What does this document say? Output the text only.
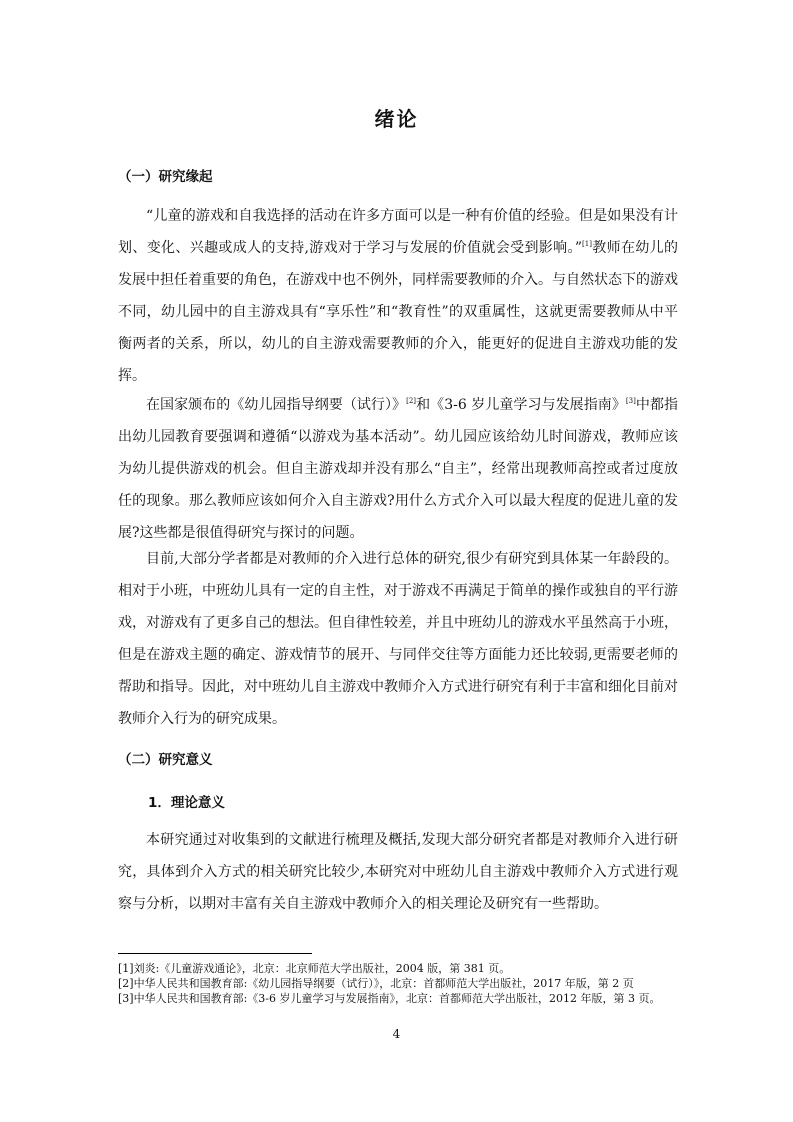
绪论
（一）研究缘起

“儿童的游戏和自我选择的活动在许多方面可以是一种有价值的经验。但是如果没有计划、变化、兴趣或成人的支持,游戏对于学习与发展的价值就会受到影响。”[1]教师在幼儿的发展中担任着重要的角色，在游戏中也不例外，同样需要教师的介入。与自然状态下的游戏不同，幼儿园中的自主游戏具有“享乐性”和“教育性”的双重属性，这就更需要教师从中平衡两者的关系，所以，幼儿的自主游戏需要教师的介入，能更好的促进自主游戏功能的发挥。

在国家颁布的《幼儿园指导纲要（试行）》[2]和《3-6 岁儿童学习与发展指南》[3]中都指出幼儿园教育要强调和遵循“以游戏为基本活动”。幼儿园应该给幼儿时间游戏，教师应该为幼儿提供游戏的机会。但自主游戏却并没有那么“自主”，经常出现教师高控或者过度放任的现象。那么教师应该如何介入自主游戏?用什么方式介入可以最大程度的促进儿童的发展?这些都是很值得研究与探讨的问题。

目前,大部分学者都是对教师的介入进行总体的研究,很少有研究到具体某一年龄段的。相对于小班，中班幼儿具有一定的自主性，对于游戏不再满足于简单的操作或独自的平行游戏，对游戏有了更多自己的想法。但自律性较差，并且中班幼儿的游戏水平虽然高于小班，但是在游戏主题的确定、游戏情节的展开、与同伴交往等方面能力还比较弱,更需要老师的帮助和指导。因此，对中班幼儿自主游戏中教师介入方式进行研究有利于丰富和细化目前对教师介入行为的研究成果。

（二）研究意义
1．理论意义

本研究通过对收集到的文献进行梳理及概括,发现大部分研究者都是对教师介入进行研究，具体到介入方式的相关研究比较少,本研究对中班幼儿自主游戏中教师介入方式进行观察与分析，以期对丰富有关自主游戏中教师介入的相关理论及研究有一些帮助。

[1]刘炎:《儿童游戏通论》，北京：北京师范大学出版社，2004 版，第 381 页。

[2]中华人民共和国教育部:《幼儿园指导纲要（试行）》，北京：首都师范大学出版社，2017 年版，第 2 页

[3]中华人民共和国教育部:《3-6 岁儿童学习与发展指南》，北京：首都师范大学出版社，2012 年版，第 3 页。

4
